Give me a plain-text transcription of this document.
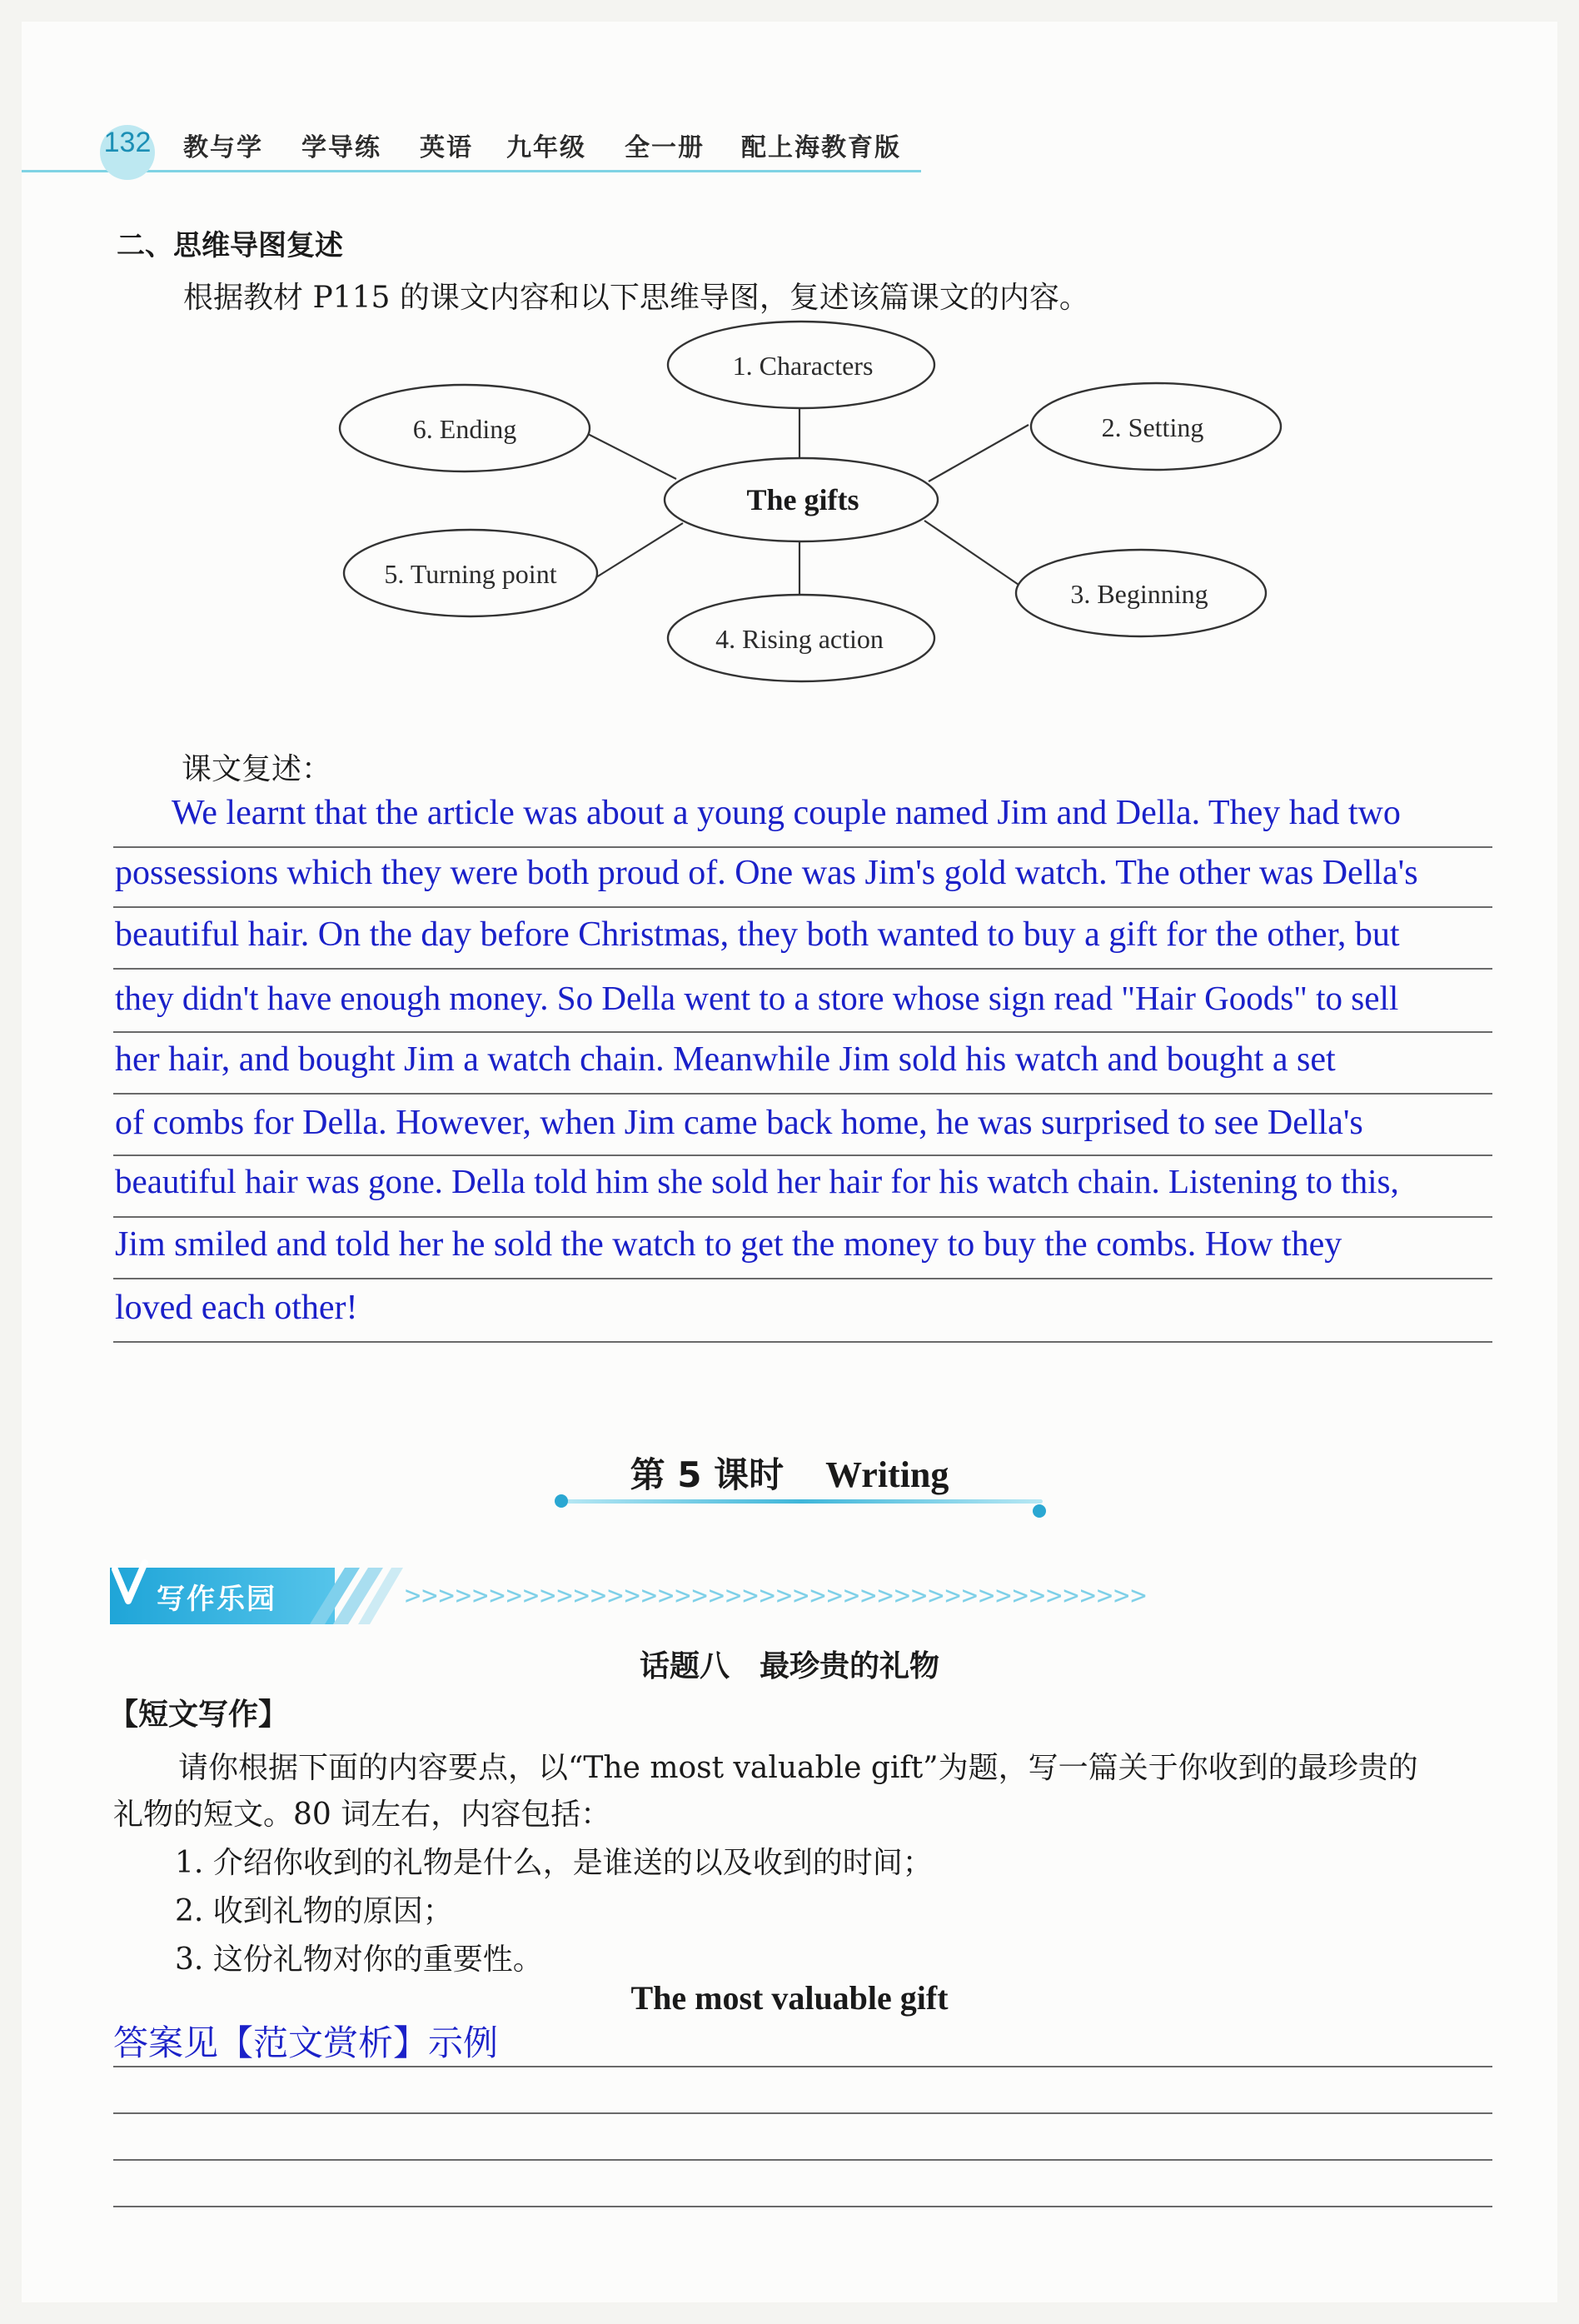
132 教与学 学导练 英语 九年级 全一册 配上海教育版
二、思维导图复述
根据教材 P115 的课文内容和以下思维导图，复述该篇课文的内容。
The gifts
1. Characters
2. Setting
3. Beginning
4. Rising action
5. Turning point
6. Ending
课文复述：
We learnt that the article was about a young couple named Jim and Della. They had two
possessions which they were both proud of. One was Jim's gold watch. The other was Della's
beautiful hair. On the day before Christmas, they both wanted to buy a gift for the other, but
they didn't have enough money. So Della went to a store whose sign read "Hair Goods" to sell
her hair, and bought Jim a watch chain. Meanwhile Jim sold his watch and bought a set
of combs for Della. However, when Jim came back home, he was surprised to see Della's
beautiful hair was gone. Della told him she sold her hair for his watch chain. Listening to this,
Jim smiled and told her he sold the watch to get the money to buy the combs. How they
loved each other!
第 5 课时 Writing
写作乐园	>>>>>>>>>>>>>>>>>>>>>>>>>>>>>>>>>>>>>>>>>>>>
话题八　最珍贵的礼物
【短文写作】
请你根据下面的内容要点，以“The most valuable gift”为题，写一篇关于你收到的最珍贵的
礼物的短文。80 词左右，内容包括：
1. 介绍你收到的礼物是什么，是谁送的以及收到的时间；
2. 收到礼物的原因；
3. 这份礼物对你的重要性。
The most valuable gift
答案见【范文赏析】示例
